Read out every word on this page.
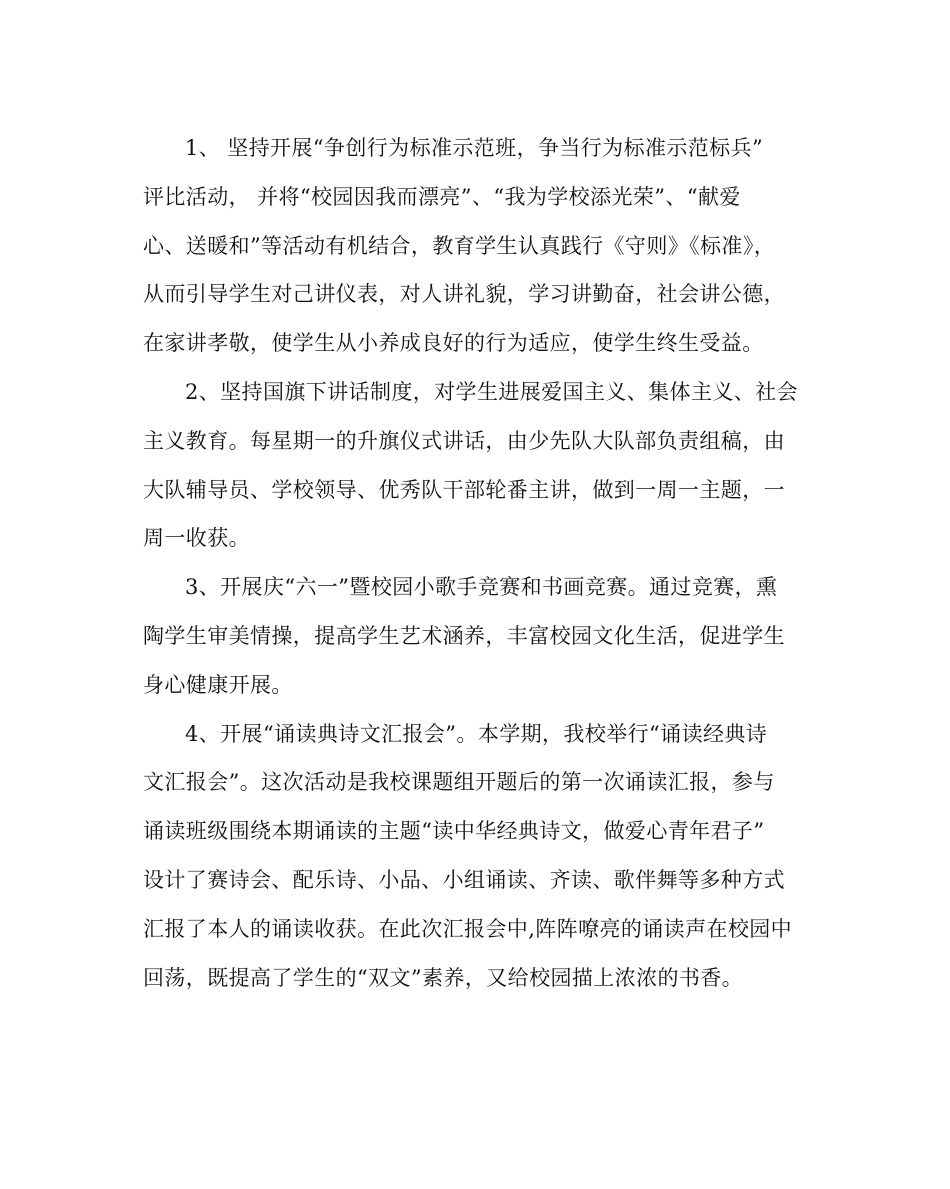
1、 坚持开展“争创行为标准示范班，争当行为标准示范标兵”
评比活动， 并将“校园因我而漂亮”、“我为学校添光荣”、“献爱
心、送暖和”等活动有机结合，教育学生认真践行《守则》《标准》，
从而引导学生对己讲仪表，对人讲礼貌，学习讲勤奋，社会讲公德，
在家讲孝敬，使学生从小养成良好的行为适应，使学生终生受益。
2、坚持国旗下讲话制度，对学生进展爱国主义、集体主义、社会
主义教育。每星期一的升旗仪式讲话，由少先队大队部负责组稿，由
大队辅导员、学校领导、优秀队干部轮番主讲，做到一周一主题，一
周一收获。
3、开展庆“六一”暨校园小歌手竞赛和书画竞赛。通过竞赛，熏
陶学生审美情操，提高学生艺术涵养，丰富校园文化生活，促进学生
身心健康开展。
4、开展“诵读典诗文汇报会”。本学期，我校举行“诵读经典诗
文汇报会”。这次活动是我校课题组开题后的第一次诵读汇报，参与
诵读班级围绕本期诵读的主题“读中华经典诗文，做爱心青年君子”
设计了赛诗会、配乐诗、小品、小组诵读、齐读、歌伴舞等多种方式
汇报了本人的诵读收获。在此次汇报会中,阵阵嘹亮的诵读声在校园中
回荡，既提高了学生的“双文”素养，又给校园描上浓浓的书香。
